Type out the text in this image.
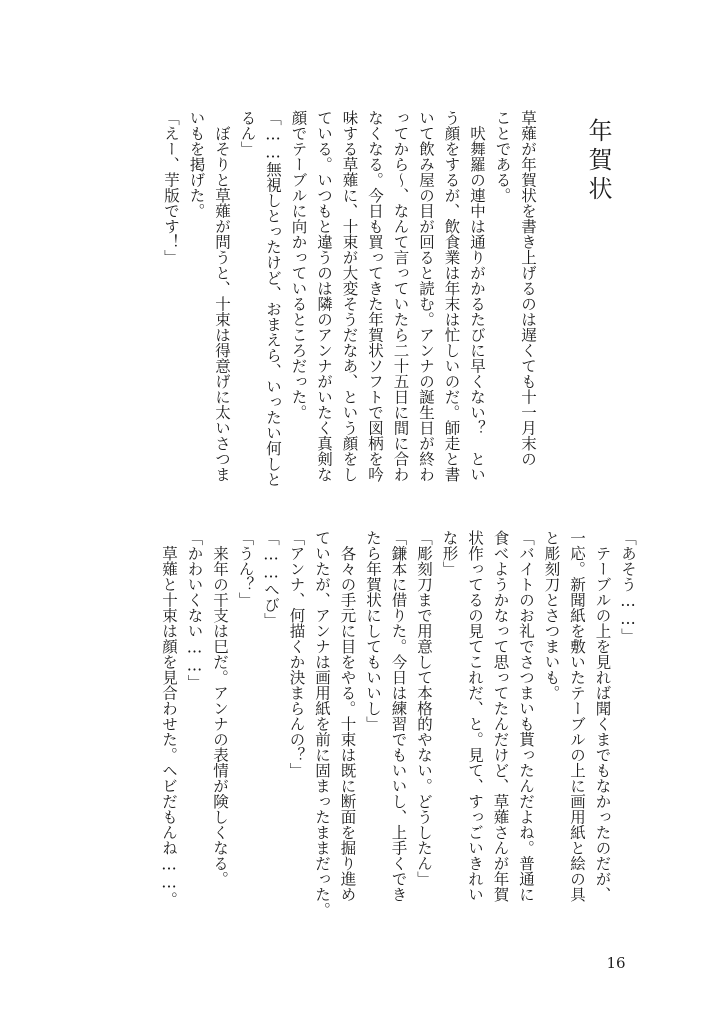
年賀状
草薙が年賀状を書き上げるのは遅くても十一月末の
ことである。
　吠舞羅の連中は通りがかるたびに早くない？　とい
う顔をするが、飲食業は年末は忙しいのだ。師走と書
いて飲み屋の目が回ると読む。アンナの誕生日が終わ
ってから～、なんて言っていたら二十五日に間に合わ
なくなる。今日も買ってきた年賀状ソフトで図柄を吟
味する草薙に、十束が大変そうだなあ、という顔をし
ている。いつもと違うのは隣のアンナがいたく真剣な
顔でテーブルに向かっているところだった。
「……無視しとったけど、おまえら、いったい何しと
るん」
　ぼそりと草薙が問うと、十束は得意げに太いさつま
いもを掲げた。
「えー、芋版です！」
「あそう……」
　テーブルの上を見れば聞くまでもなかったのだが、
一応。新聞紙を敷いたテーブルの上に画用紙と絵の具
と彫刻刀とさつまいも。
「バイトのお礼でさつまいも貰ったんだよね。普通に
食べようかなって思ってたんだけど、草薙さんが年賀
状作ってるの見てこれだ、と。見て、すっごいきれい
な形」
「彫刻刀まで用意して本格的やない。どうしたん」
「鎌本に借りた。今日は練習でもいいし、上手くでき
たら年賀状にしてもいいし」
　各々の手元に目をやる。十束は既に断面を掘り進め
ていたが、アンナは画用紙を前に固まったままだった。
「アンナ、何描くか決まらんの？」
「……へび」
「うん？」
　来年の干支は巳だ。アンナの表情が険しくなる。
「かわいくない……」
　草薙と十束は顔を見合わせた。ヘビだもんね……。
16
